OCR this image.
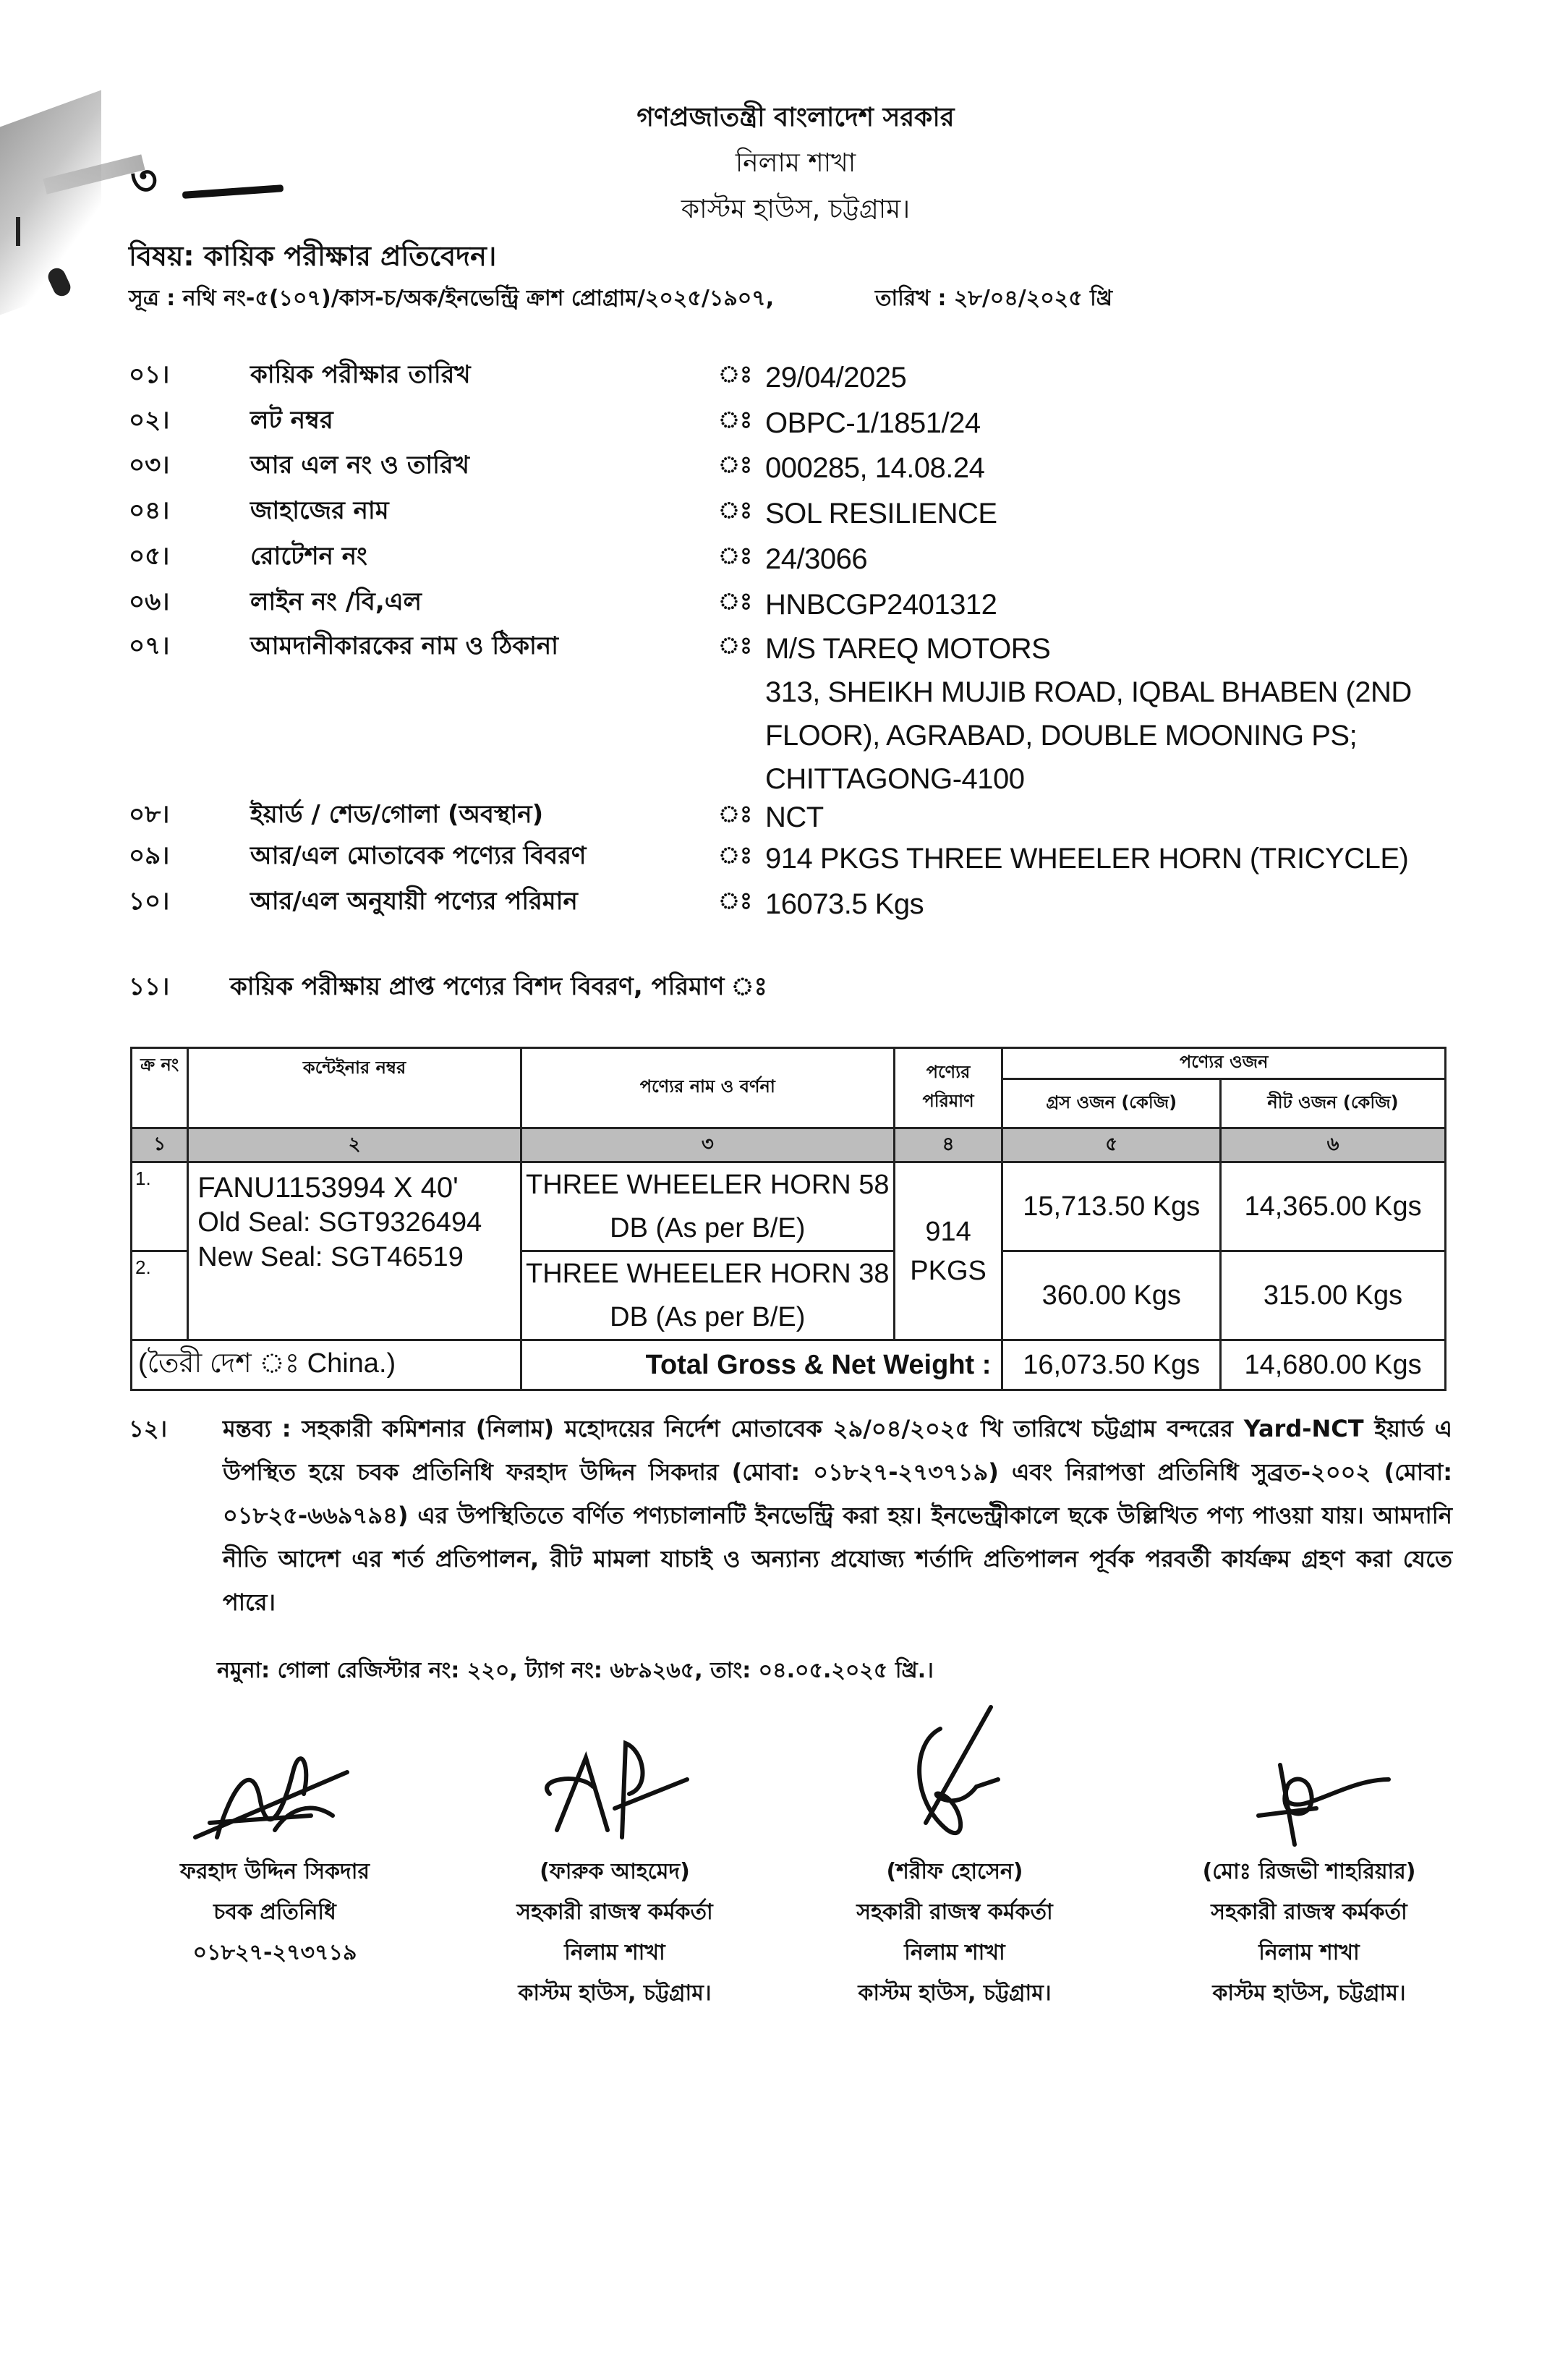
৩
গণপ্রজাতন্ত্রী বাংলাদেশ সরকার
নিলাম শাখা
কাস্টম হাউস, চট্টগ্রাম।
বিষয়: কায়িক পরীক্ষার প্রতিবেদন।
সূত্র : নথি নং-৫(১০৭)/কাস-চ/অক/ইনভেন্ট্রি ক্রাশ প্রোগ্রাম/২০২৫/১৯০৭,	তারিখ : ২৮/০৪/২০২৫ খ্রি
০১।	কায়িক পরীক্ষার তারিখ	ঃ 29/04/2025
০২।	লট নম্বর	ঃ OBPC-1/1851/24
০৩।	আর এল নং ও তারিখ	ঃ 000285, 14.08.24
০৪।	জাহাজের নাম	ঃ SOL RESILIENCE
০৫।	রোটেশন নং	ঃ 24/3066
০৬।	লাইন নং /বি,এল	ঃ HNBCGP2401312
০৭।	আমদানীকারকের নাম ও ঠিকানা	ঃ M/S TAREQ MOTORS
313, SHEIKH MUJIB ROAD, IQBAL BHABEN (2ND
FLOOR), AGRABAD, DOUBLE MOONING PS;
CHITTAGONG-4100
০৮।	ইয়ার্ড / শেড/গোলা (অবস্থান)	ঃ NCT
০৯।	আর/এল মোতাবেক পণ্যের বিবরণ	ঃ 914 PKGS THREE WHEELER HORN (TRICYCLE)
১০।	আর/এল অনুযায়ী পণ্যের পরিমান	ঃ 16073.5 Kgs
১১। কায়িক পরীক্ষায় প্রাপ্ত পণ্যের বিশদ বিবরণ, পরিমাণ ঃ
ক্র নং	কন্টেইনার নম্বর	পণ্যের নাম ও বর্ণনা	পণ্যের পরিমাণ	পণ্যের ওজন	
				গ্রস ওজন (কেজি)	নীট ওজন (কেজি)
১	২	৩	৪	৫	৬
1.	FANU1153994 X 40'
Old Seal: SGT9326494
New Seal: SGT46519	THREE WHEELER HORN 58 DB (As per B/E)	914 PKGS	15,713.50 Kgs	14,365.00 Kgs
2.		THREE WHEELER HORN 38 DB (As per B/E)		360.00 Kgs	315.00 Kgs
(তৈরী দেশ ঃ China.)		Total Gross & Net Weight :		16,073.50 Kgs	14,680.00 Kgs
১২। মন্তব্য : সহকারী কমিশনার (নিলাম) মহোদয়ের নির্দেশ মোতাবেক ২৯/০৪/২০২৫ খি তারিখে চট্টগ্রাম বন্দরের Yard-NCT ইয়ার্ড এ উপস্থিত হয়ে চবক প্রতিনিধি ফরহাদ উদ্দিন সিকদার (মোবা: ০১৮২৭-২৭৩৭১৯) এবং নিরাপত্তা প্রতিনিধি সুব্রত-২০০২ (মোবা: ০১৮২৫-৬৬৯৭৯৪) এর উপস্থিতিতে বর্ণিত পণ্যচালানটি ইনভেন্ট্রি করা হয়। ইনভেন্ট্রীকালে ছকে উল্লিখিত পণ্য পাওয়া যায়। আমদানি নীতি আদেশ এর শর্ত প্রতিপালন, রীট মামলা যাচাই ও অন্যান্য প্রযোজ্য শর্তাদি প্রতিপালন পূর্বক পরবর্তী কার্যক্রম গ্রহণ করা যেতে পারে।
নমুনা: গোলা রেজিস্টার নং: ২২০, ট্যাগ নং: ৬৮৯২৬৫, তাং: ০৪.০৫.২০২৫ খ্রি.।
ফরহাদ উদ্দিন সিকদার
চবক প্রতিনিধি
০১৮২৭-২৭৩৭১৯
(ফারুক আহমেদ)
সহকারী রাজস্ব কর্মকর্তা
নিলাম শাখা
কাস্টম হাউস, চট্টগ্রাম।
(শরীফ হোসেন)
সহকারী রাজস্ব কর্মকর্তা
নিলাম শাখা
কাস্টম হাউস, চট্টগ্রাম।
(মোঃ রিজভী শাহরিয়ার)
সহকারী রাজস্ব কর্মকর্তা
নিলাম শাখা
কাস্টম হাউস, চট্টগ্রাম।
